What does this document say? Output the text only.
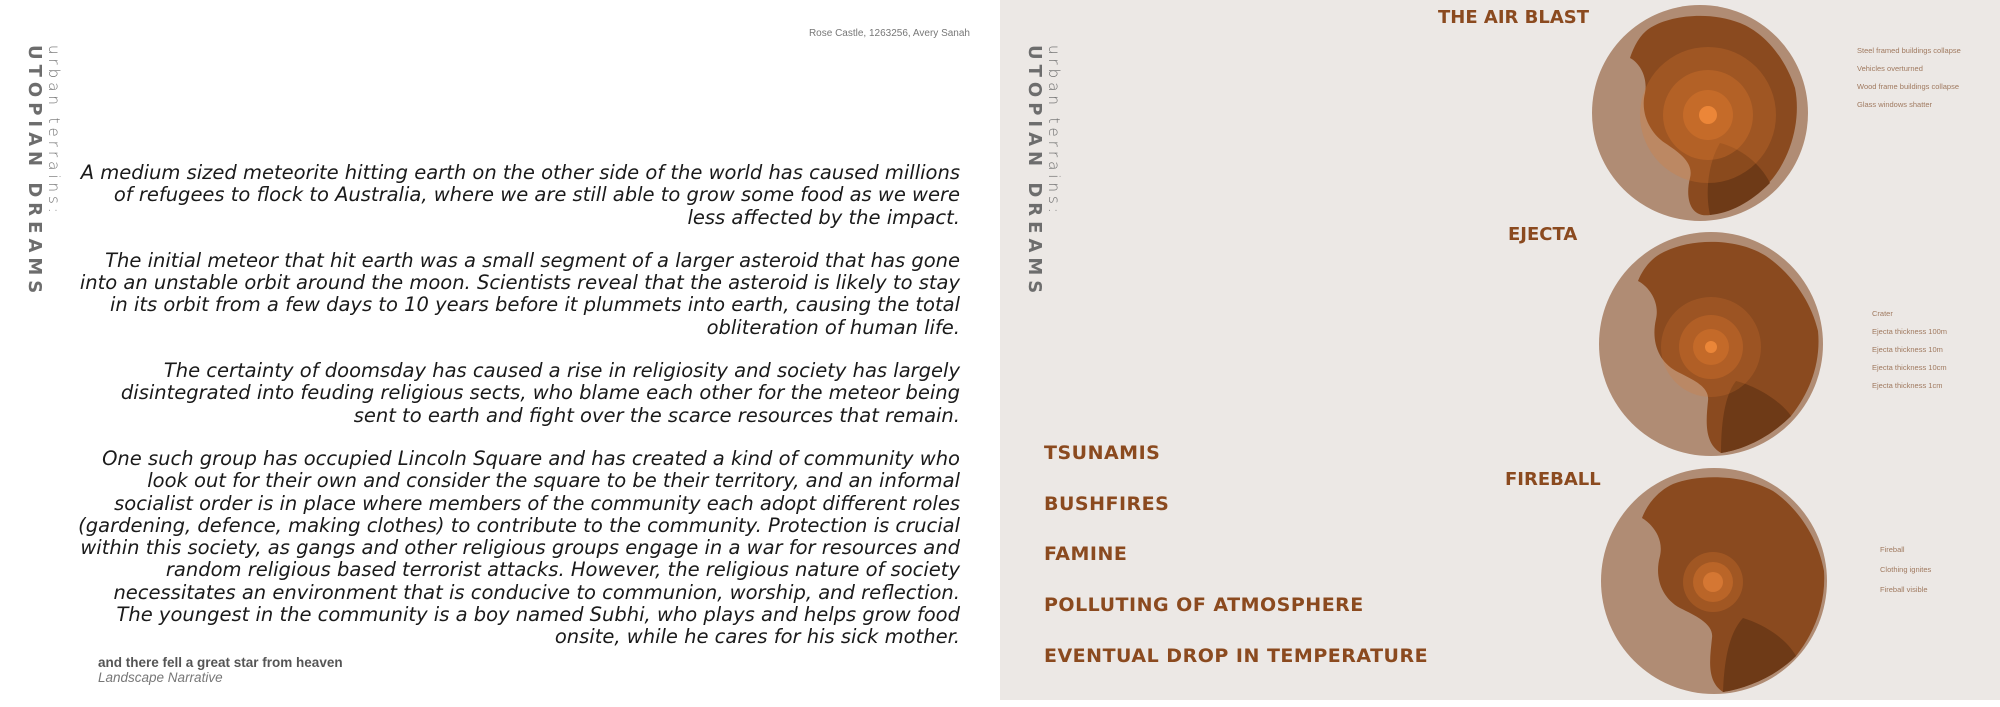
urban terrains:
UTOPIAN DREAMS
Rose Castle, 1263256, Avery Sanah

A medium sized meteorite hitting earth on the other side of the world has caused millions of refugees to flock to Australia, where we are still able to grow some food as we were less affected by the impact.

The initial meteor that hit earth was a small segment of a larger asteroid that has gone into an unstable orbit around the moon. Scientists reveal that the asteroid is likely to stay in its orbit from a few days to 10 years before it plummets into earth, causing the total obliteration of human life.

The certainty of doomsday has caused a rise in religiosity and society has largely disintegrated into feuding religious sects, who blame each other for the meteor being sent to earth and fight over the scarce resources that remain.

One such group has occupied Lincoln Square and has created a kind of community who look out for their own and consider the square to be their territory, and an informal socialist order is in place where members of the community each adopt different roles (gardening, defence, making clothes) to contribute to the community. Protection is crucial within this society, as gangs and other religious groups engage in a war for resources and random religious based terrorist attacks. However, the religious nature of society necessitates an environment that is conducive to communion, worship, and reflection. The youngest in the community is a boy named Subhi, who plays and helps grow food onsite, while he cares for his sick mother.

and there fell a great star from heaven
Landscape Narrative
urban terrains:
UTOPIAN DREAMS
TSUNAMIS
BUSHFIRES
FAMINE
POLLUTING OF ATMOSPHERE
EVENTUAL DROP IN TEMPERATURE
THE AIR BLAST
Steel framed buildings collapse
Vehicles overturned
Wood frame buildings collapse
Glass windows shatter
EJECTA
Crater
Ejecta thickness 100m
Ejecta thickness 10m
Ejecta thickness 10cm
Ejecta thickness 1cm
FIREBALL
Fireball
Clothing ignites
Fireball visible
